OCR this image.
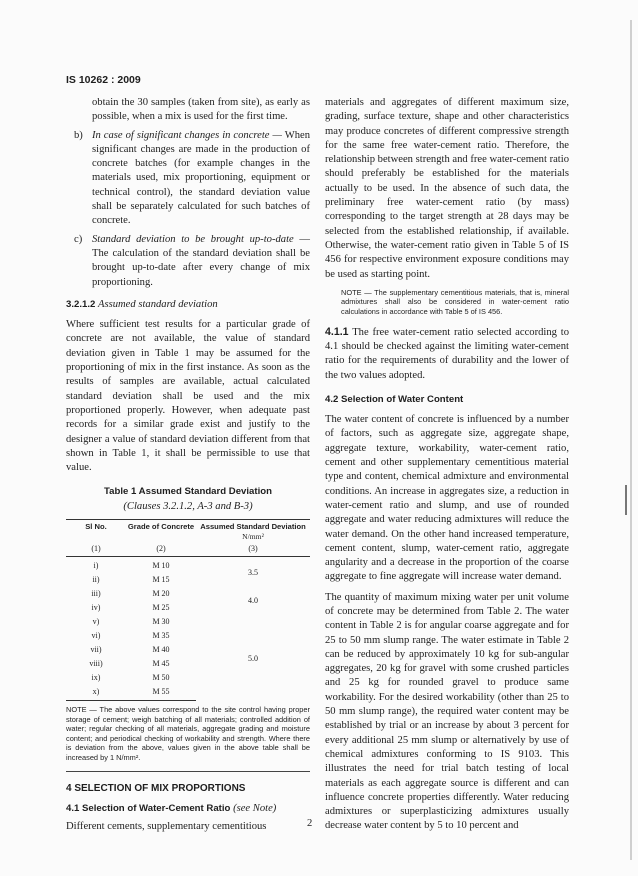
IS 10262 : 2009
obtain the 30 samples (taken from site), as early as possible, when a mix is used for the first time.
b) In case of significant changes in concrete — When significant changes are made in the production of concrete batches (for example changes in the materials used, mix proportioning, equipment or technical control), the standard deviation value shall be separately calculated for such batches of concrete.
c) Standard deviation to be brought up-to-date — The calculation of the standard deviation shall be brought up-to-date after every change of mix proportioning.
3.2.1.2 Assumed standard deviation

Where sufficient test results for a particular grade of concrete are not available, the value of standard deviation given in Table 1 may be assumed for the proportioning of mix in the first instance. As soon as the results of samples are available, actual calculated standard deviation shall be used and the mix proportioned properly. However, when adequate past records for a similar grade exist and justify to the designer a value of standard deviation different from that shown in Table 1, it shall be permissible to use that value.

Table 1 Assumed Standard Deviation
(Clauses 3.2.1.2, A-3 and B-3)
Sl No.	Grade of Concrete	Assumed Standard Deviation
N/mm²
(1)	(2)	(3)
i)	M 10	3.5
ii)	M 15	
iii)	M 20	4.0
iv)	M 25	
v)	M 30	5.0
vi)	M 35	
vii)	M 40	
viii)	M 45	
ix)	M 50	
x)	M 55	

NOTE — The above values correspond to the site control having proper storage of cement; weigh batching of all materials; controlled addition of water; regular checking of all materials, aggregate grading and moisture content; and periodical checking of workability and strength. Where there is deviation from the above, values given in the above table shall be increased by 1 N/mm².

4 SELECTION OF MIX PROPORTIONS
4.1 Selection of Water-Cement Ratio (see Note)

Different cements, supplementary cementitious

materials and aggregates of different maximum size, grading, surface texture, shape and other characteristics may produce concretes of different compressive strength for the same free water-cement ratio. Therefore, the relationship between strength and free water-cement ratio should preferably be established for the materials actually to be used. In the absence of such data, the preliminary free water-cement ratio (by mass) corresponding to the target strength at 28 days may be selected from the established relationship, if available. Otherwise, the water-cement ratio given in Table 5 of IS 456 for respective environment exposure conditions may be used as starting point.

NOTE — The supplementary cementitious materials, that is, mineral admixtures shall also be considered in water-cement ratio calculations in accordance with Table 5 of IS 456.

4.1.1 The free water-cement ratio selected according to 4.1 should be checked against the limiting water-cement ratio for the requirements of durability and the lower of the two values adopted.

4.2 Selection of Water Content

The water content of concrete is influenced by a number of factors, such as aggregate size, aggregate shape, aggregate texture, workability, water-cement ratio, cement and other supplementary cementitious material type and content, chemical admixture and environmental conditions. An increase in aggregates size, a reduction in water-cement ratio and slump, and use of rounded aggregate and water reducing admixtures will reduce the water demand. On the other hand increased temperature, cement content, slump, water-cement ratio, aggregate angularity and a decrease in the proportion of the coarse aggregate to fine aggregate will increase water demand.

The quantity of maximum mixing water per unit volume of concrete may be determined from Table 2. The water content in Table 2 is for angular coarse aggregate and for 25 to 50 mm slump range. The water estimate in Table 2 can be reduced by approximately 10 kg for sub-angular aggregates, 20 kg for gravel with some crushed particles and 25 kg for rounded gravel to produce same workability. For the desired workability (other than 25 to 50 mm slump range), the required water content may be established by trial or an increase by about 3 percent for every additional 25 mm slump or alternatively by use of chemical admixtures conforming to IS 9103. This illustrates the need for trial batch testing of local materials as each aggregate source is different and can influence concrete properties differently. Water reducing admixtures or superplasticizing admixtures usually decrease water content by 5 to 10 percent and

2
